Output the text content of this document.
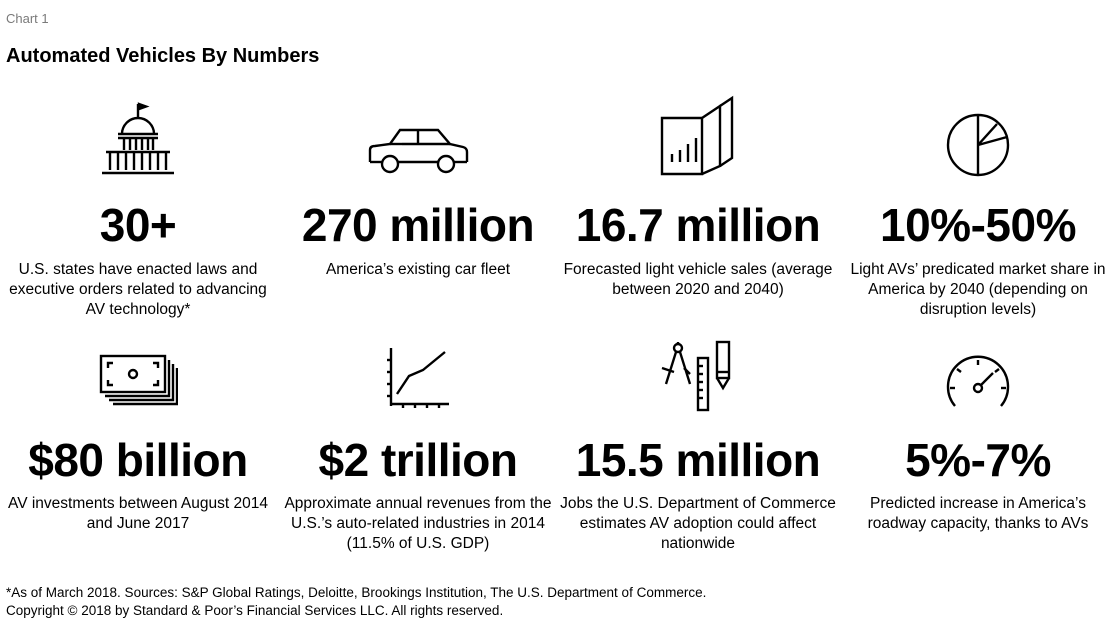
Chart 1
Automated Vehicles By Numbers
30+
U.S. states have enacted laws and executive orders related to advancing AV technology*
270 million
America’s existing car fleet
16.7 million
Forecasted light vehicle sales (average between 2020 and 2040)
10%-50%
Light AVs’ predicated market share in America by 2040 (depending on disruption levels)
$80 billion
AV investments between August 2014 and June 2017
$2 trillion
Approximate annual revenues from the U.S.’s auto-related industries in 2014 (11.5% of U.S. GDP)
15.5 million
Jobs the U.S. Department of Commerce estimates AV adoption could affect nationwide
5%-7%
Predicted increase in America’s roadway capacity, thanks to AVs
*As of March 2018. Sources: S&P Global Ratings, Deloitte, Brookings Institution, The U.S. Department of Commerce.
Copyright © 2018 by Standard & Poor’s Financial Services LLC. All rights reserved.
